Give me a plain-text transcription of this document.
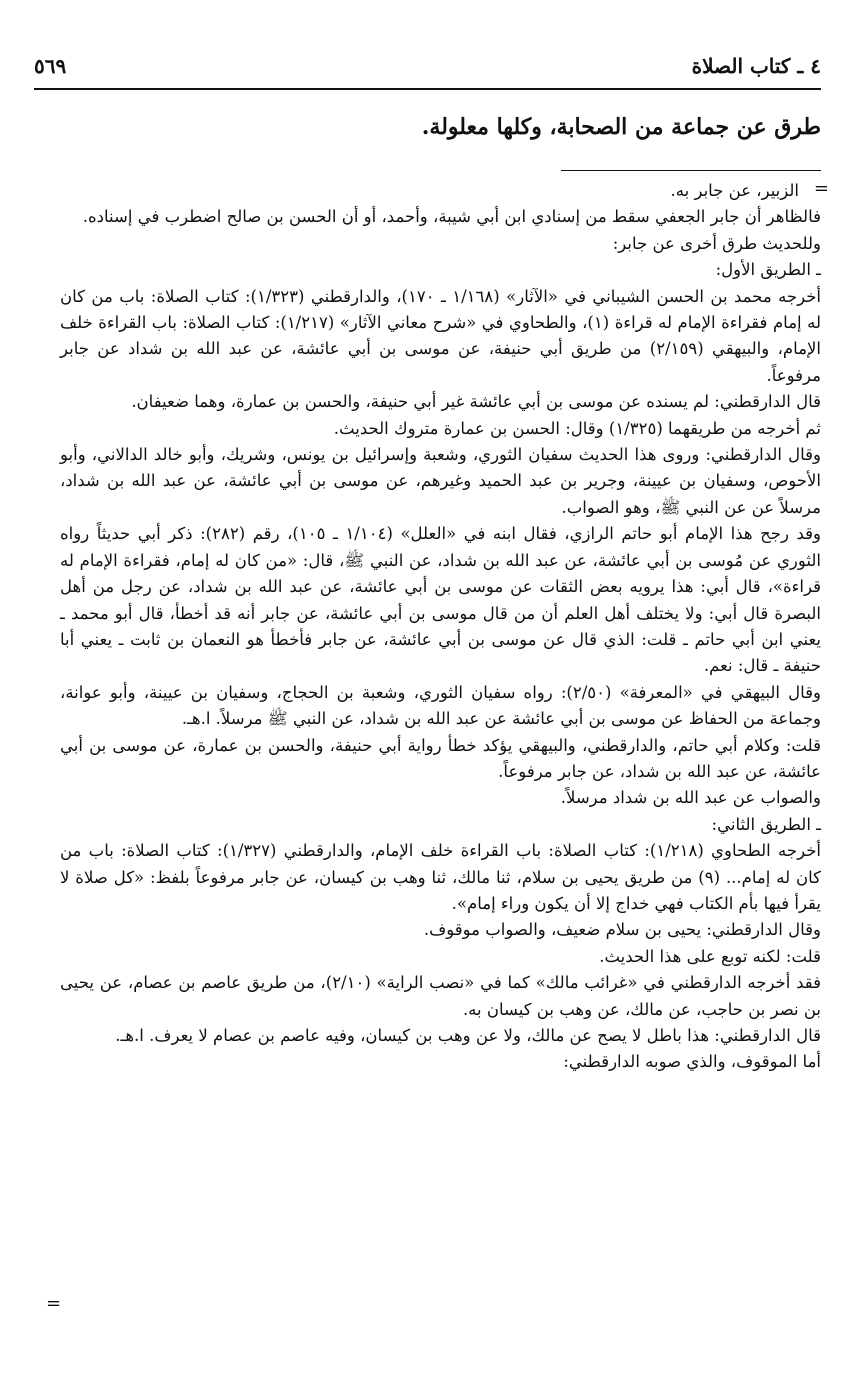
٤ ـ كتاب الصلاة
٥٦٩
طرق عن جماعة من الصحابة، وكلها معلولة.
=

الزبير، عن جابر به.

فالظاهر أن جابر الجعفي سقط من إسنادي ابن أبي شيبة، وأحمد، أو أن الحسن بن صالح اضطرب في إسناده.

وللحديث طرق أخرى عن جابر:

ـ الطريق الأول:

أخرجه محمد بن الحسن الشيباني في «الآثار» (١/١٦٨ ـ ١٧٠)، والدارقطني (١/٣٢٣): كتاب الصلاة: باب من كان له إمام فقراءة الإمام له قراءة (١)، والطحاوي في «شرح معاني الآثار» (١/٢١٧): كتاب الصلاة: باب القراءة خلف الإمام، والبيهقي (٢/١٥٩) من طريق أبي حنيفة، عن موسى بن أبي عائشة، عن عبد الله بن شداد عن جابر مرفوعاً.

قال الدارقطني: لم يسنده عن موسى بن أبي عائشة غير أبي حنيفة، والحسن بن عمارة، وهما ضعيفان.

ثم أخرجه من طريقهما (١/٣٢٥) وقال: الحسن بن عمارة متروك الحديث.

وقال الدارقطني: وروى هذا الحديث سفيان الثوري، وشعبة وإسرائيل بن يونس، وشريك، وأبو خالد الدالاني، وأبو الأحوص، وسفيان بن عيينة، وجرير بن عبد الحميد وغيرهم، عن موسى بن أبي عائشة، عن عبد الله بن شداد، مرسلاً عن عن النبي ﷺ، وهو الصواب.

وقد رجح هذا الإمام أبو حاتم الرازي، فقال ابنه في «العلل» (١/١٠٤ ـ ١٠٥)، رقم (٢٨٢): ذكر أبي حديثاً رواه الثوري عن مُوسى بن أبي عائشة، عن عبد الله بن شداد، عن النبي ﷺ، قال: «من كان له إمام، فقراءة الإمام له قراءة»، قال أبي: هذا يرويه بعض الثقات عن موسى بن أبي عائشة، عن عبد الله بن شداد، عن رجل من أهل البصرة قال أبي: ولا يختلف أهل العلم أن من قال موسى بن أبي عائشة، عن جابر أنه قد أخطأ، قال أبو محمد ـ يعني ابن أبي حاتم ـ قلت: الذي قال عن موسى بن أبي عائشة، عن جابر فأخطأ هو النعمان بن ثابت ـ يعني أبا حنيفة ـ قال: نعم.

وقال البيهقي في «المعرفة» (٢/٥٠): رواه سفيان الثوري، وشعبة بن الحجاج، وسفيان بن عيينة، وأبو عوانة، وجماعة من الحفاظ عن موسى بن أبي عائشة عن عبد الله بن شداد، عن النبي ﷺ مرسلاً. ا.هـ.

قلت: وكلام أبي حاتم، والدارقطني، والبيهقي يؤكد خطأ رواية أبي حنيفة، والحسن بن عمارة، عن موسى بن أبي عائشة، عن عبد الله بن شداد، عن جابر مرفوعاً.

والصواب عن عبد الله بن شداد مرسلاً.

ـ الطريق الثاني:

أخرجه الطحاوي (١/٢١٨): كتاب الصلاة: باب القراءة خلف الإمام، والدارقطني (١/٣٢٧): كتاب الصلاة: باب من كان له إمام... (٩) من طريق يحيى بن سلام، ثنا مالك، ثنا وهب بن كيسان، عن جابر مرفوعاً بلفظ: «كل صلاة لا يقرأ فيها بأم الكتاب فهي خداج إلا أن يكون وراء إمام».

وقال الدارقطني: يحيى بن سلام ضعيف، والصواب موقوف.

قلت: لكنه توبع على هذا الحديث.

فقد أخرجه الدارقطني في «غرائب مالك» كما في «نصب الراية» (٢/١٠)، من طريق عاصم بن عصام، عن يحيى بن نصر بن حاجب، عن مالك، عن وهب بن كيسان به.

قال الدارقطني: هذا باطل لا يصح عن مالك، ولا عن وهب بن كيسان، وفيه عاصم بن عصام لا يعرف. ا.هـ.

أما الموقوف، والذي صوبه الدارقطني:

=
